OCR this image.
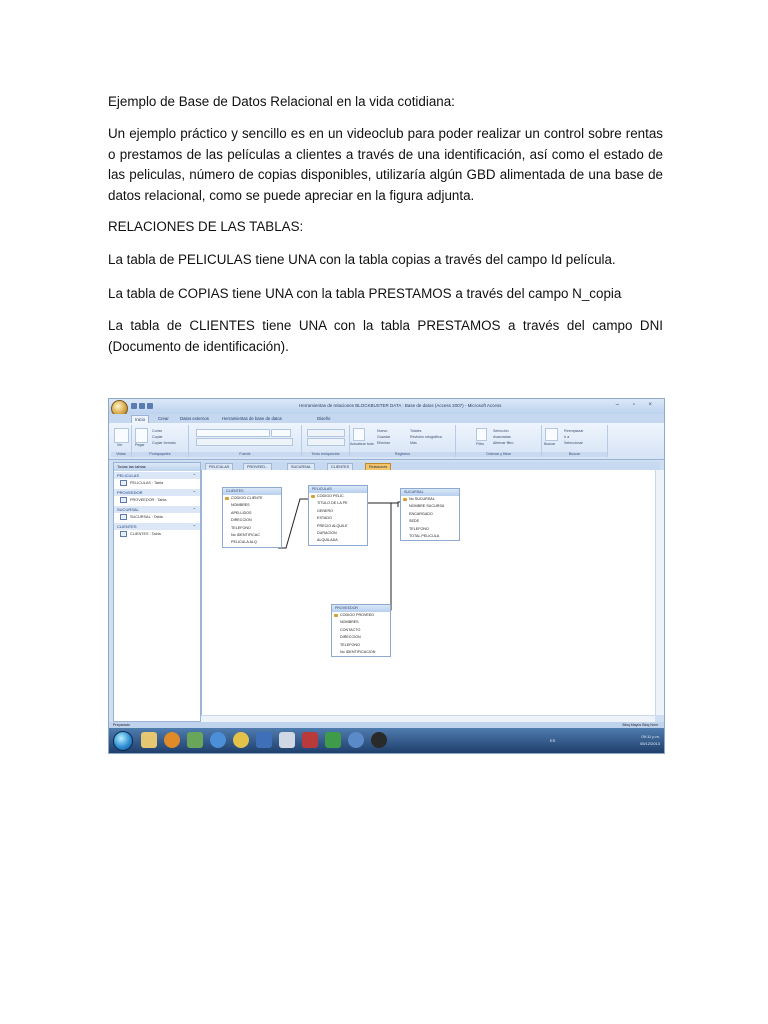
Ejemplo de Base de Datos Relacional en la vida cotidiana:

Un ejemplo práctico y sencillo es en un videoclub para poder realizar un control sobre rentas o prestamos de las películas a clientes a través de una identificación, así como el estado de las peliculas, número de copias disponibles, utilizaría algún GBD alimentada de una base de datos relacional, como se puede apreciar en la figura adjunta.

RELACIONES DE LAS TABLAS:

La tabla de PELICULAS tiene UNA con la tabla copias a través del campo Id película.

La tabla de COPIAS tiene UNA con la tabla PRESTAMOS a través del campo N_copia

La tabla de CLIENTES tiene UNA con la tabla PRESTAMOS a través del campo DNI (Documento de identificación).

Herramientas de relaciones BLOCKBUSTER DATA : Base de datos (Access 2007) - Microsoft Access	– ▫ ×
Inicio	Crear	Datos externos	Herramientas de base de datos	Diseño
Ver
Vistas
Pegar
Cortar
Copiar
Copiar formato
Portapapeles	Fuente	Texto enriquecido
Actualizar todo
Nuevo
Guardar
Eliminar
Totales
Revisión ortográfica
Más
Registros
Filtro
Selección
Avanzadas
Alternar filtro
Ordenar y filtrar
Buscar
Reemplazar
Ir a
Seleccionar
Buscar
Todas las tablas
PELICULAS	⌃
PELICULAS : Tabla
PROVEEDOR	⌃
PROVEEDOR : Tabla
SUCURSAL	⌃
SUCURSAL : Tabla
CLIENTES	⌃
CLIENTES : Tabla
PELICULAS	PROVEED...	SUCURSAL	CLIENTES	Relaciones
CLIENTES
CODIGO CLIENTE
NOMBRES
APELLIDOS
DIRECCION
TELEFONO
No IDENTIFICAC
PELICULA ALQ
PELICULAS
CODIGO PELIC
TITULO DE LA PE
GENERO
ESTADO
PRECIO ALQUILE
DURACION
ALQUILADA
SUCURSAL
No SUCURSAL
NOMBRE SUCURSA
ENCARGADO
SEDE
TELEFONO
TOTAL PELICULA
PROVEEDOR
CODIGO PROVEED
NOMBRES
CONTACTO
DIRECCION
TELEFONO
No IDENTIFICACION
Preparado	Bloq Mayús Bloq Núm
ES
09:11 p.m.
05/12/2013
